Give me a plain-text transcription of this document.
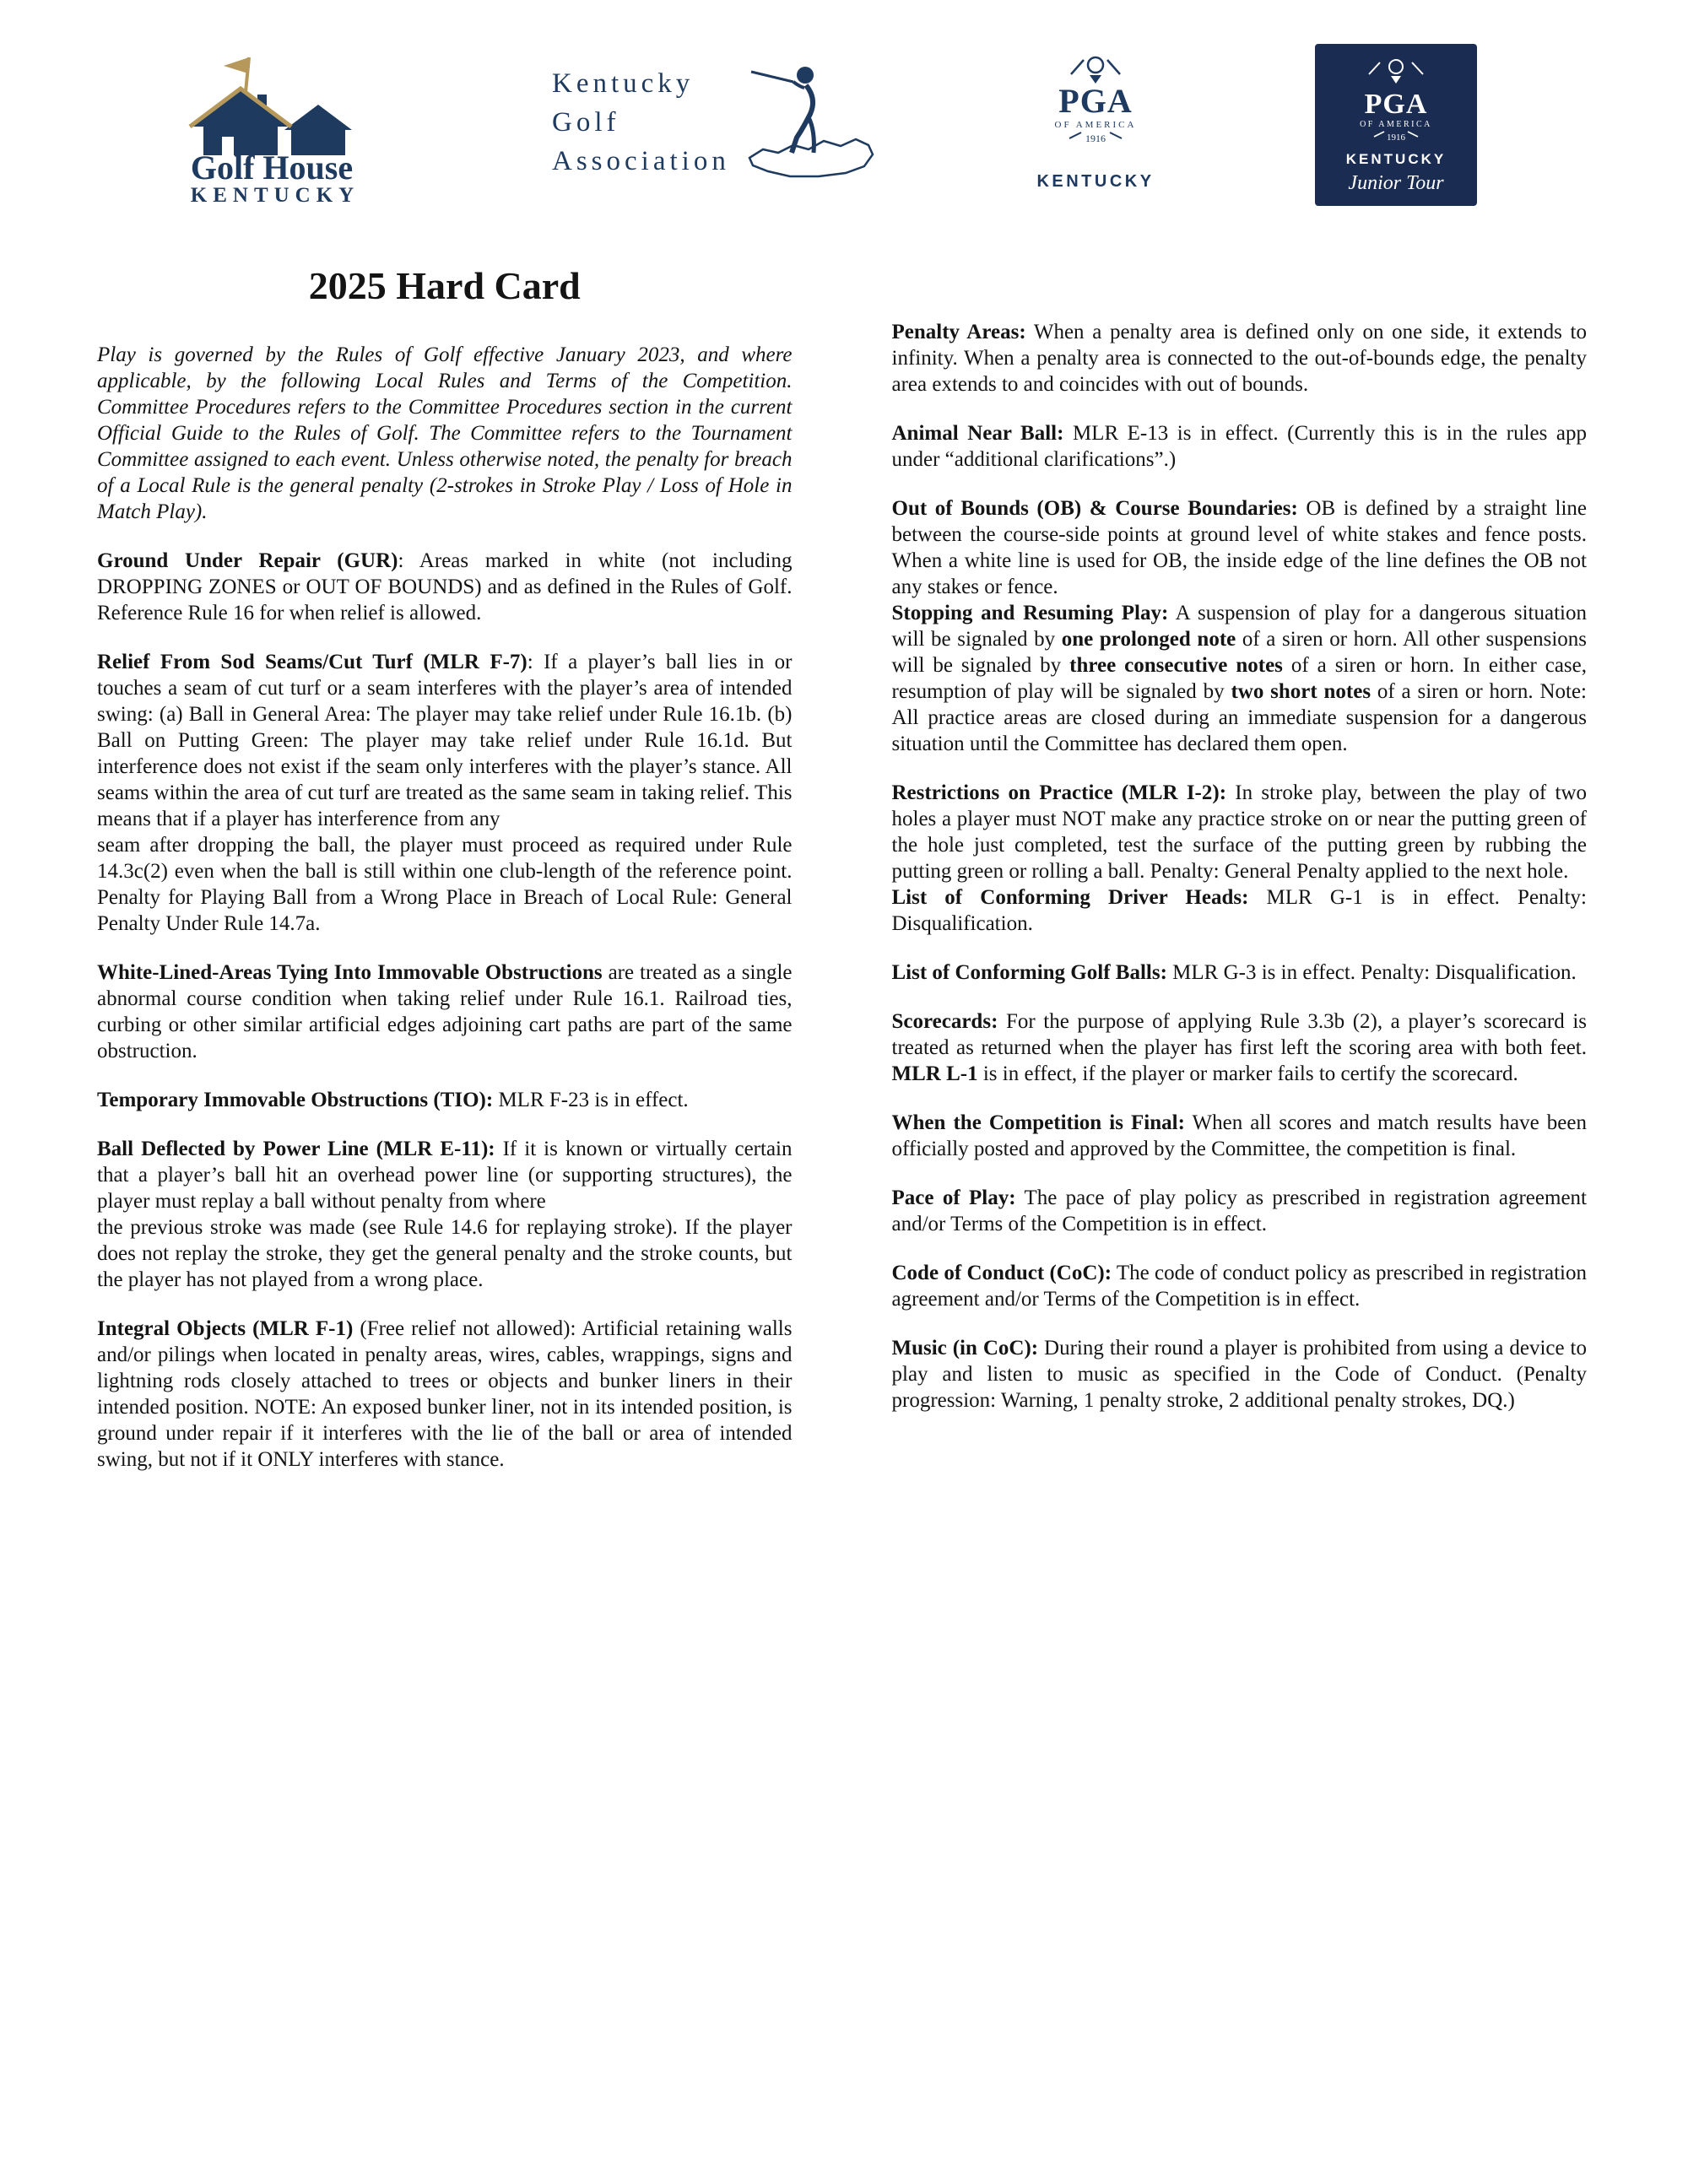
Golf House
KENTUCKY
Kentucky
Golf
Association
PGA
OF AMERICA
1916
KENTUCKY
PGA
OF AMERICA
1916
KENTUCKY
Junior Tour
2025 Hard Card

Play is governed by the Rules of Golf effective January 2023, and where applicable, by the following Local Rules and Terms of the Competition. Committee Procedures refers to the Committee Procedures section in the current Official Guide to the Rules of Golf. The Committee refers to the Tournament Committee assigned to each event. Unless otherwise noted, the penalty for breach of a Local Rule is the general penalty (2-strokes in Stroke Play / Loss of Hole in Match Play).

Ground Under Repair (GUR): Areas marked in white (not including DROPPING ZONES or OUT OF BOUNDS) and as defined in the Rules of Golf. Reference Rule 16 for when relief is allowed.

Relief From Sod Seams/Cut Turf (MLR F-7): If a player’s ball lies in or touches a seam of cut turf or a seam interferes with the player’s area of intended swing: (a) Ball in General Area: The player may take relief under Rule 16.1b. (b) Ball on Putting Green: The player may take relief under Rule 16.1d. But interference does not exist if the seam only interferes with the player’s stance. All seams within the area of cut turf are treated as the same seam in taking relief. This means that if a player has interference from any
seam after dropping the ball, the player must proceed as required under Rule 14.3c(2) even when the ball is still within one club-length of the reference point. Penalty for Playing Ball from a Wrong Place in Breach of Local Rule: General Penalty Under Rule 14.7a.

White-Lined-Areas Tying Into Immovable Obstructions are treated as a single abnormal course condition when taking relief under Rule 16.1. Railroad ties, curbing or other similar artificial edges adjoining cart paths are part of the same obstruction.

Temporary Immovable Obstructions (TIO): MLR F-23 is in effect.

Ball Deflected by Power Line (MLR E-11): If it is known or virtually certain that a player’s ball hit an overhead power line (or supporting structures), the player must replay a ball without penalty from where
the previous stroke was made (see Rule 14.6 for replaying stroke). If the player does not replay the stroke, they get the general penalty and the stroke counts, but the player has not played from a wrong place.

Integral Objects (MLR F-1) (Free relief not allowed): Artificial retaining walls and/or pilings when located in penalty areas, wires, cables, wrappings, signs and lightning rods closely attached to trees or objects and bunker liners in their intended position. NOTE: An exposed bunker liner, not in its intended position, is ground under repair if it interferes with the lie of the ball or area of intended swing, but not if it ONLY interferes with stance.

Penalty Areas: When a penalty area is defined only on one side, it extends to infinity. When a penalty area is connected to the out-of-bounds edge, the penalty area extends to and coincides with out of bounds.

Animal Near Ball: MLR E-13 is in effect. (Currently this is in the rules app under “additional clarifications”.)

Out of Bounds (OB) & Course Boundaries: OB is defined by a straight line between the course-side points at ground level of white stakes and fence posts. When a white line is used for OB, the inside edge of the line defines the OB not any stakes or fence.

Stopping and Resuming Play: A suspension of play for a dangerous situation will be signaled by one prolonged note of a siren or horn. All other suspensions will be signaled by three consecutive notes of a siren or horn. In either case, resumption of play will be signaled by two short notes of a siren or horn. Note: All practice areas are closed during an immediate suspension for a dangerous situation until the Committee has declared them open.

Restrictions on Practice (MLR I-2): In stroke play, between the play of two holes a player must NOT make any practice stroke on or near the putting green of the hole just completed, test the surface of the putting green by rubbing the putting green or rolling a ball. Penalty: General Penalty applied to the next hole.

List of Conforming Driver Heads: MLR G-1 is in effect. Penalty: Disqualification.

List of Conforming Golf Balls: MLR G-3 is in effect. Penalty: Disqualification.

Scorecards: For the purpose of applying Rule 3.3b (2), a player’s scorecard is treated as returned when the player has first left the scoring area with both feet. MLR L-1 is in effect, if the player or marker fails to certify the scorecard.

When the Competition is Final: When all scores and match results have been officially posted and approved by the Committee, the competition is final.

Pace of Play: The pace of play policy as prescribed in registration agreement and/or Terms of the Competition is in effect.

Code of Conduct (CoC): The code of conduct policy as prescribed in registration agreement and/or Terms of the Competition is in effect.

Music (in CoC): During their round a player is prohibited from using a device to play and listen to music as specified in the Code of Conduct. (Penalty progression: Warning, 1 penalty stroke, 2 additional penalty strokes, DQ.)
